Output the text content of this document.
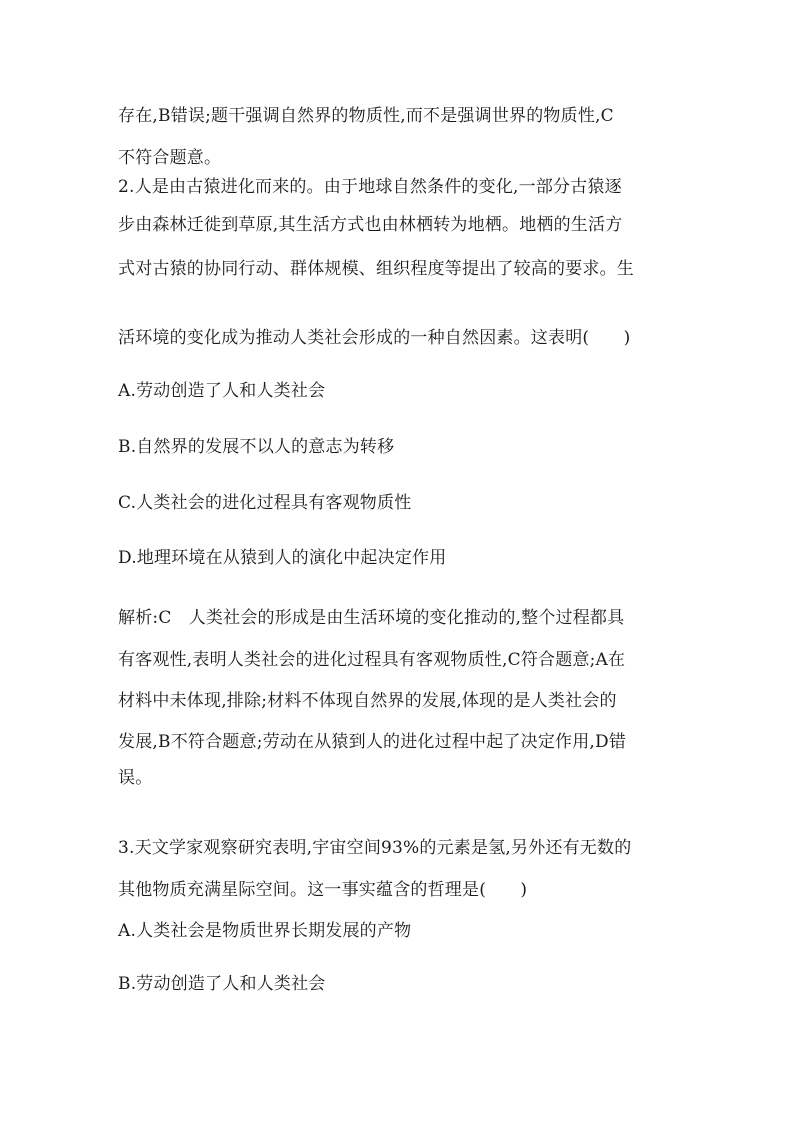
存在,B错误;题干强调自然界的物质性,而不是强调世界的物质性,C
不符合题意。
2.人是由古猿进化而来的。由于地球自然条件的变化,一部分古猿逐
步由森林迁徙到草原,其生活方式也由林栖转为地栖。地栖的生活方
式对古猿的协同行动、群体规模、组织程度等提出了较高的要求。生
活环境的变化成为推动人类社会形成的一种自然因素。这表明(　　)
A.劳动创造了人和人类社会
B.自然界的发展不以人的意志为转移
C.人类社会的进化过程具有客观物质性
D.地理环境在从猿到人的演化中起决定作用
解析:C　人类社会的形成是由生活环境的变化推动的,整个过程都具
有客观性,表明人类社会的进化过程具有客观物质性,C符合题意;A在
材料中未体现,排除;材料不体现自然界的发展,体现的是人类社会的
发展,B不符合题意;劳动在从猿到人的进化过程中起了决定作用,D错
误。
3.天文学家观察研究表明,宇宙空间93%的元素是氢,另外还有无数的
其他物质充满星际空间。这一事实蕴含的哲理是(　　)
A.人类社会是物质世界长期发展的产物
B.劳动创造了人和人类社会
